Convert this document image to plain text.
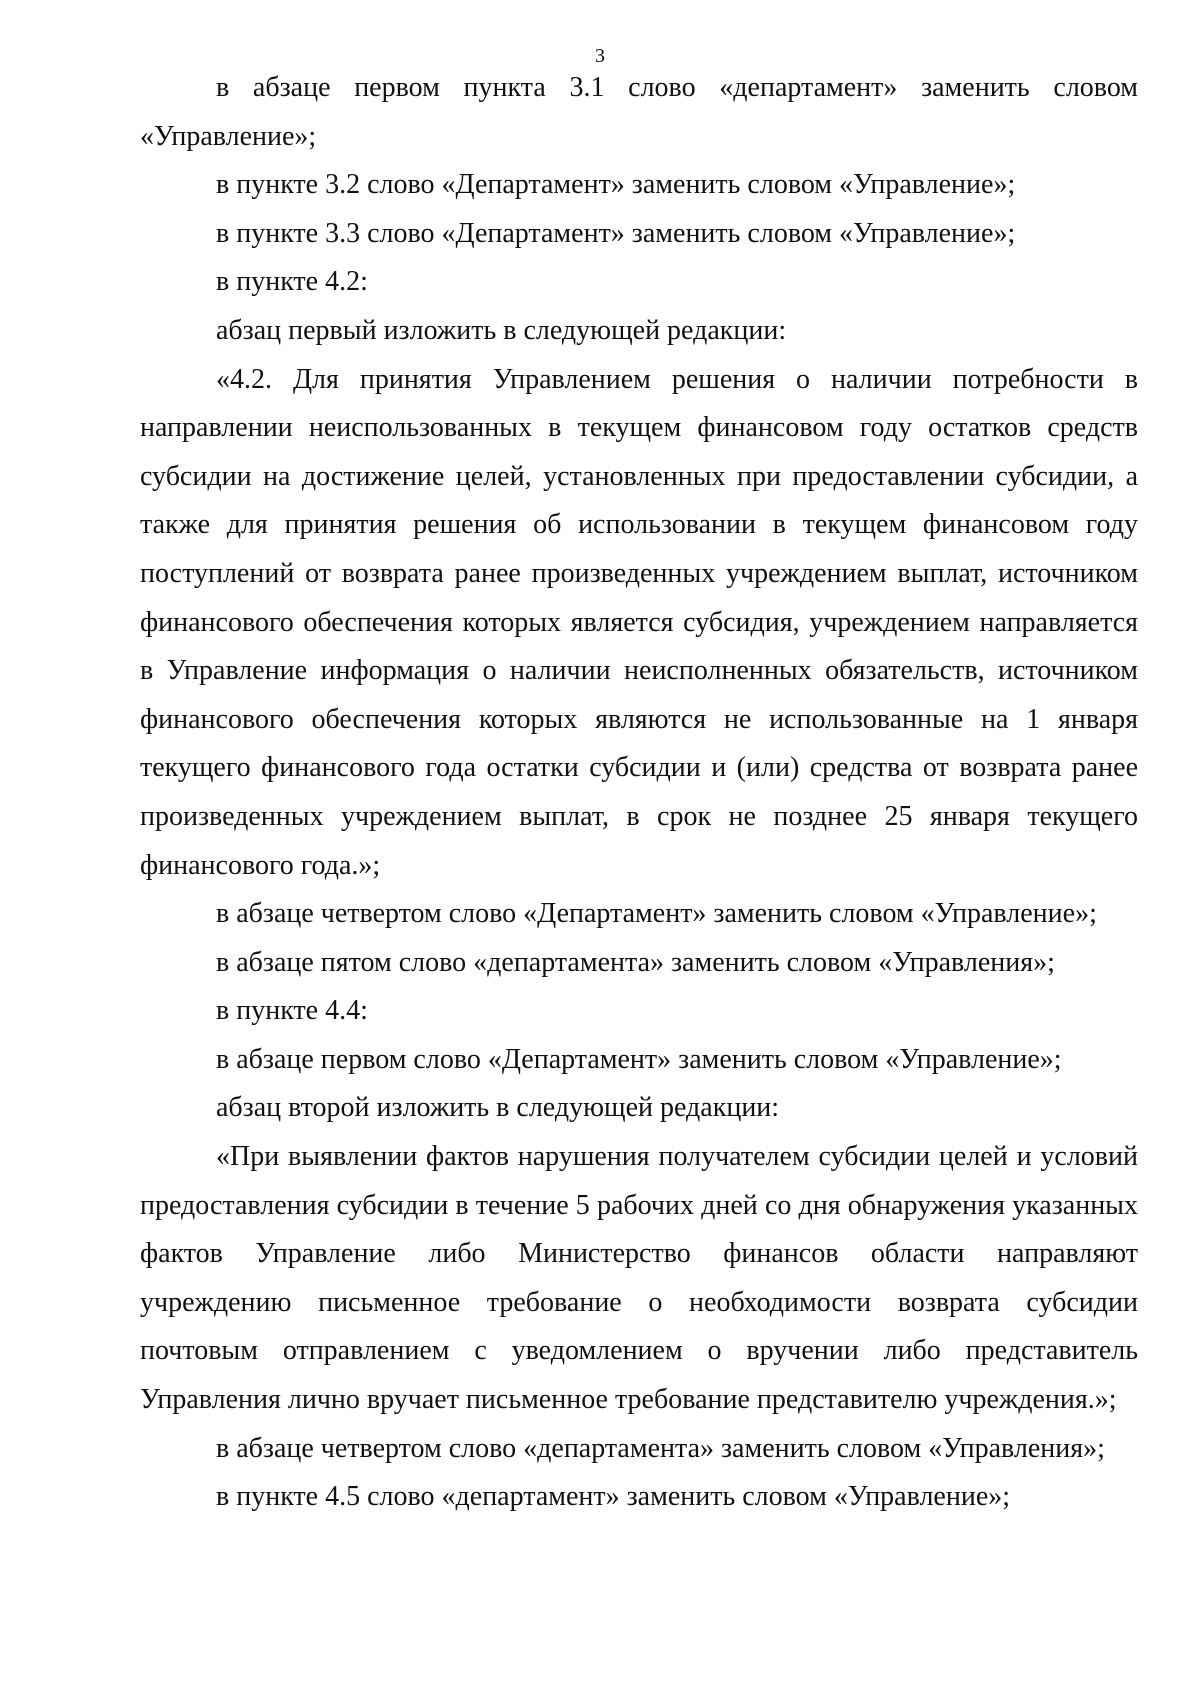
3

в абзаце первом пункта 3.1 слово «департамент» заменить словом «Управление»;

в пункте 3.2 слово «Департамент» заменить словом «Управление»;

в пункте 3.3 слово «Департамент» заменить словом «Управление»;

в пункте 4.2:

абзац первый изложить в следующей редакции:

«4.2. Для принятия Управлением решения о наличии потребности в направлении неиспользованных в текущем финансовом году остатков средств субсидии на достижение целей, установленных при предоставлении субсидии, а также для принятия решения об использовании в текущем финансовом году поступлений от возврата ранее произведенных учреждением выплат, источником финансового обеспечения которых является субсидия, учреждением направляется в Управление информация о наличии неисполненных обязательств, источником финансового обеспечения которых являются не использованные на 1 января текущего финансового года остатки субсидии и (или) средства от возврата ранее произведенных учреждением выплат, в срок не позднее 25 января текущего финансового года.»;

в абзаце четвертом слово «Департамент» заменить словом «Управление»;

в абзаце пятом слово «департамента» заменить словом «Управления»;

в пункте 4.4:

в абзаце первом слово «Департамент» заменить словом «Управление»;

абзац второй изложить в следующей редакции:

«При выявлении фактов нарушения получателем субсидии целей и условий предоставления субсидии в течение 5 рабочих дней со дня обнаружения указанных фактов Управление либо Министерство финансов области направляют учреждению письменное требование о необходимости возврата субсидии почтовым отправлением с уведомлением о вручении либо представитель Управления лично вручает письменное требование представителю учреждения.»;

в абзаце четвертом слово «департамента» заменить словом «Управления»;

в пункте 4.5 слово «департамент» заменить словом «Управление»;
